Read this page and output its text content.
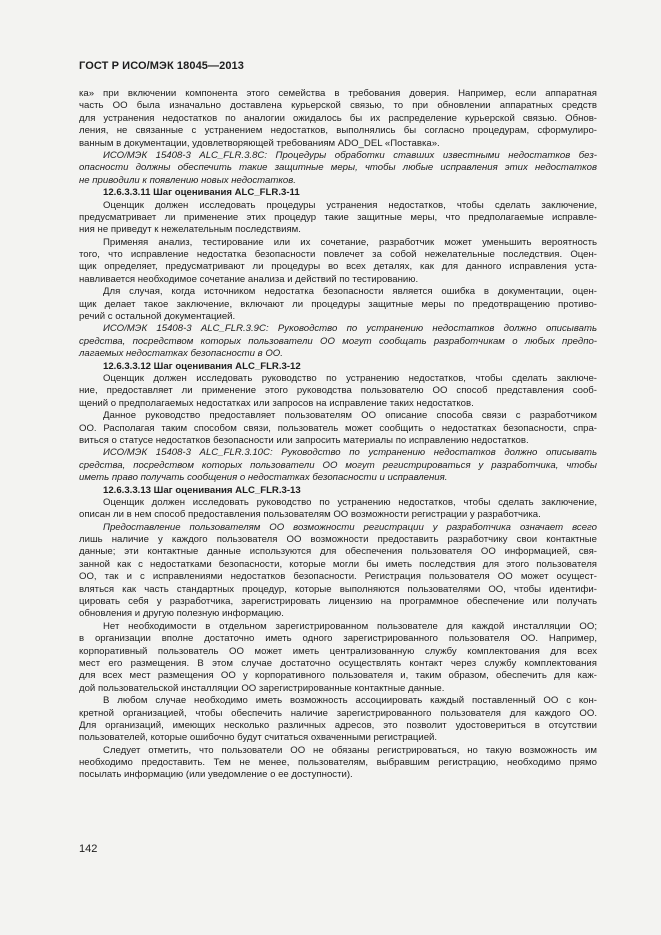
ГОСТ Р ИСО/МЭК 18045—2013
ка» при включении компонента этого семейства в требования доверия. Например, если аппаратная
часть ОО была изначально доставлена курьерской связью, то при обновлении аппаратных средств
для устранения недостатков по аналогии ожидалось бы их распределение курьерской связью. Обнов-
ления, не связанные с устранением недостатков, выполнялись бы согласно процедурам, сформулиро-
ванным в документации, удовлетворяющей требованиям ADO_DEL «Поставка».
ИСО/МЭК 15408-3 ALC_FLR.3.8C: Процедуры обработки ставших известными недостатков без-
опасности должны обеспечить такие защитные меры, чтобы любые исправления этих недостатков
не приводили к появлению новых недостатков.
12.6.3.3.11 Шаг оценивания ALC_FLR.3-11
Оценщик должен исследовать процедуры устранения недостатков, чтобы сделать заключение,
предусматривает ли применение этих процедур такие защитные меры, что предполагаемые исправле-
ния не приведут к нежелательным последствиям.
Применяя анализ, тестирование или их сочетание, разработчик может уменьшить вероятность
того, что исправление недостатка безопасности повлечет за собой нежелательные последствия. Оцен-
щик определяет, предусматривают ли процедуры во всех деталях, как для данного исправления уста-
навливается необходимое сочетание анализа и действий по тестированию.
Для случая, когда источником недостатка безопасности является ошибка в документации, оцен-
щик делает такое заключение, включают ли процедуры защитные меры по предотвращению противо-
речий с остальной документацией.
ИСО/МЭК 15408-3 ALC_FLR.3.9C: Руководство по устранению недостатков должно описывать
средства, посредством которых пользователи ОО могут сообщать разработчикам о любых предпо-
лагаемых недостатках безопасности в ОО.
12.6.3.3.12 Шаг оценивания ALC_FLR.3-12
Оценщик должен исследовать руководство по устранению недостатков, чтобы сделать заключе-
ние, предоставляет ли применение этого руководства пользователю ОО способ представления сооб-
щений о предполагаемых недостатках или запросов на исправление таких недостатков.
Данное руководство предоставляет пользователям ОО описание способа связи с разработчиком
ОО. Располагая таким способом связи, пользователь может сообщить о недостатках безопасности, спра-
виться о статусе недостатков безопасности или запросить материалы по исправлению недостатков.
ИСО/МЭК 15408-3 ALC_FLR.3.10C: Руководство по устранению недостатков должно описывать
средства, посредством которых пользователи ОО могут регистрироваться у разработчика, чтобы
иметь право получать сообщения о недостатках безопасности и исправления.
12.6.3.3.13 Шаг оценивания ALC_FLR.3-13
Оценщик должен исследовать руководство по устранению недостатков, чтобы сделать заключение,
описан ли в нем способ предоставления пользователям ОО возможности регистрации у разработчика.
Предоставление пользователям ОО возможности регистрации у разработчика означает всего
лишь наличие у каждого пользователя ОО возможности предоставить разработчику свои контактные
данные; эти контактные данные используются для обеспечения пользователя ОО информацией, свя-
занной как с недостатками безопасности, которые могли бы иметь последствия для этого пользователя
ОО, так и с исправлениями недостатков безопасности. Регистрация пользователя ОО может осущест-
вляться как часть стандартных процедур, которые выполняются пользователями ОО, чтобы идентифи-
цировать себя у разработчика, зарегистрировать лицензию на программное обеспечение или получать
обновления и другую полезную информацию.
Нет необходимости в отдельном зарегистрированном пользователе для каждой инсталляции ОО;
в организации вполне достаточно иметь одного зарегистрированного пользователя ОО. Например,
корпоративный пользователь ОО может иметь централизованную службу комплектования для всех
мест его размещения. В этом случае достаточно осуществлять контакт через службу комплектования
для всех мест размещения ОО у корпоративного пользователя и, таким образом, обеспечить для каж-
дой пользовательской инсталляции ОО зарегистрированные контактные данные.
В любом случае необходимо иметь возможность ассоциировать каждый поставленный ОО с кон-
кретной организацией, чтобы обеспечить наличие зарегистрированного пользователя для каждого ОО.
Для организаций, имеющих несколько различных адресов, это позволит удостовериться в отсутствии
пользователей, которые ошибочно будут считаться охваченными регистрацией.
Следует отметить, что пользователи ОО не обязаны регистрироваться, но такую возможность им
необходимо предоставить. Тем не менее, пользователям, выбравшим регистрацию, необходимо прямо
посылать информацию (или уведомление о ее доступности).
142
